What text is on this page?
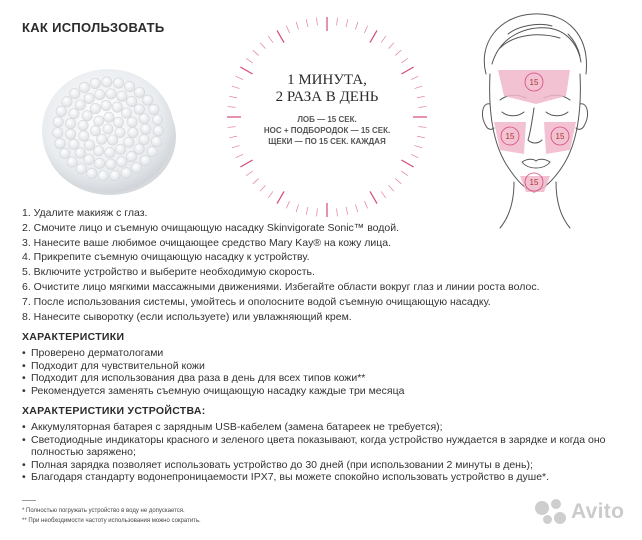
КАК ИСПОЛЬЗОВАТЬ
1 МИНУТА,
2 РАЗА В ДЕНЬ
ЛОБ — 15 СЕК.
НОС + ПОДБОРОДОК — 15 СЕК.
ЩЕКИ — ПО 15 СЕК. КАЖДАЯ
15
15	15
15
1. Удалите макияж с глаз.
2. Смочите лицо и съемную очищающую насадку Skinvigorate Sonic™ водой.
3. Нанесите ваше любимое очищающее средство Mary Kay® на кожу лица.
4. Прикрепите съемную очищающую насадку к устройству.
5. Включите устройство и выберите необходимую скорость.
6. Очистите лицо мягкими массажными движениями. Избегайте области вокруг глаз и линии роста волос.
7. После использования системы, умойтесь и ополосните водой съемную очищающую насадку.
8. Нанесите сыворотку (если используете) или увлажняющий крем.
ХАРАКТЕРИСТИКИ
• Проверено дерматологами
• Подходит для чувствительной кожи
• Подходит для использования два раза в день для всех типов кожи**
• Рекомендуется заменять съемную очищающую насадку каждые три месяца
ХАРАКТЕРИСТИКИ УСТРОЙСТВА:
• Аккумуляторная батарея с зарядным USB-кабелем (замена батареек не требуется);
• Светодиодные индикаторы красного и зеленого цвета показывают, когда устройство нуждается в зарядке и когда оно полностью заряжено;
• Полная зарядка позволяет использовать устройство до 30 дней (при использовании 2 минуты в день);
• Благодаря стандарту водонепроницаемости IPX7, вы можете спокойно использовать устройство в душе*.
* Полностью погружать устройство в воду не допускается.
** При необходимости частоту использования можно сократить.	Avito
